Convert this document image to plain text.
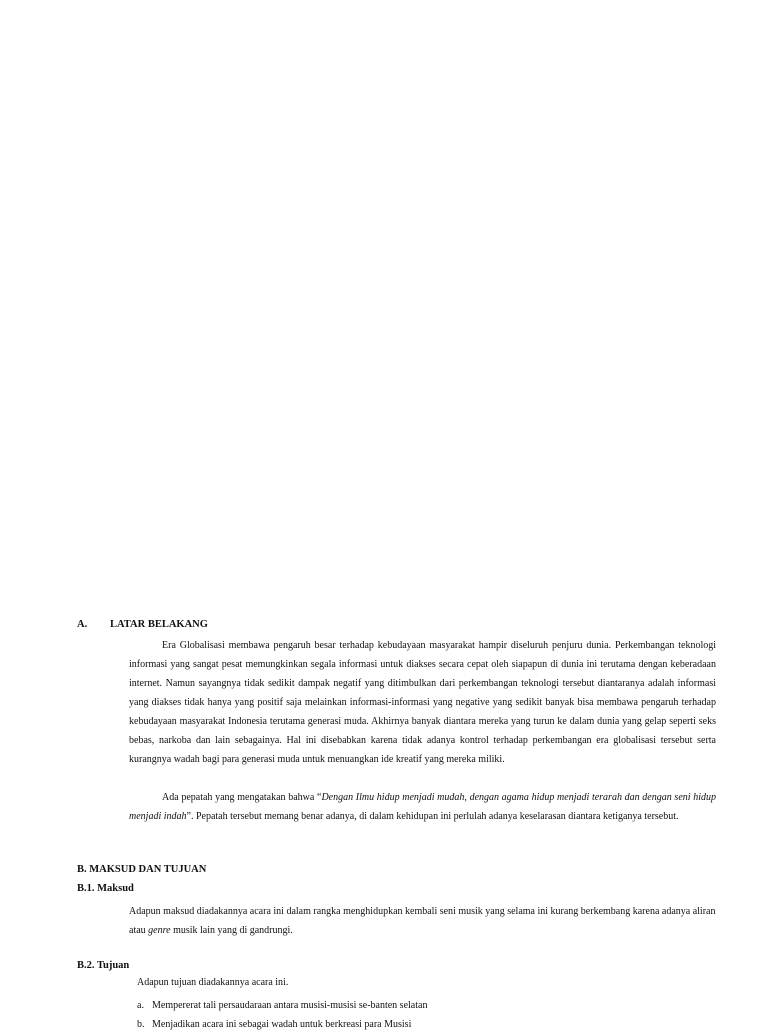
A. LATAR BELAKANG

Era Globalisasi membawa pengaruh besar terhadap kebudayaan masyarakat hampir diseluruh penjuru dunia. Perkembangan teknologi informasi yang sangat pesat memungkinkan segala informasi untuk diakses secara cepat oleh siapapun di dunia ini terutama dengan keberadaan internet. Namun sayangnya tidak sedikit dampak negatif yang ditimbulkan dari perkembangan teknologi tersebut diantaranya adalah informasi yang diakses tidak hanya yang positif saja melainkan informasi-informasi yang negative yang sedikit banyak bisa membawa pengaruh terhadap kebudayaan masyarakat Indonesia terutama generasi muda. Akhirnya banyak diantara mereka yang turun ke dalam dunia yang gelap seperti seks bebas, narkoba dan lain sebagainya. Hal ini disebabkan karena tidak adanya kontrol terhadap perkembangan era globalisasi tersebut serta kurangnya wadah bagi para generasi muda untuk menuangkan ide kreatif yang mereka miliki.

Ada pepatah yang mengatakan bahwa “Dengan Ilmu hidup menjadi mudah, dengan agama hidup menjadi terarah dan dengan seni hidup menjadi indah”. Pepatah tersebut memang benar adanya, di dalam kehidupan ini perlulah adanya keselarasan diantara ketiganya tersebut.

B. MAKSUD DAN TUJUAN
B.1. Maksud

Adapun maksud diadakannya acara ini dalam rangka menghidupkan kembali seni musik yang selama ini kurang berkembang karena adanya aliran atau genre musik lain yang di gandrungi.

B.2. Tujuan
Adapun tujuan diadakannya acara ini.
a. Mempererat tali persaudaraan antara musisi-musisi se-banten selatan
b. Menjadikan acara ini sebagai wadah untuk berkreasi para Musisi
